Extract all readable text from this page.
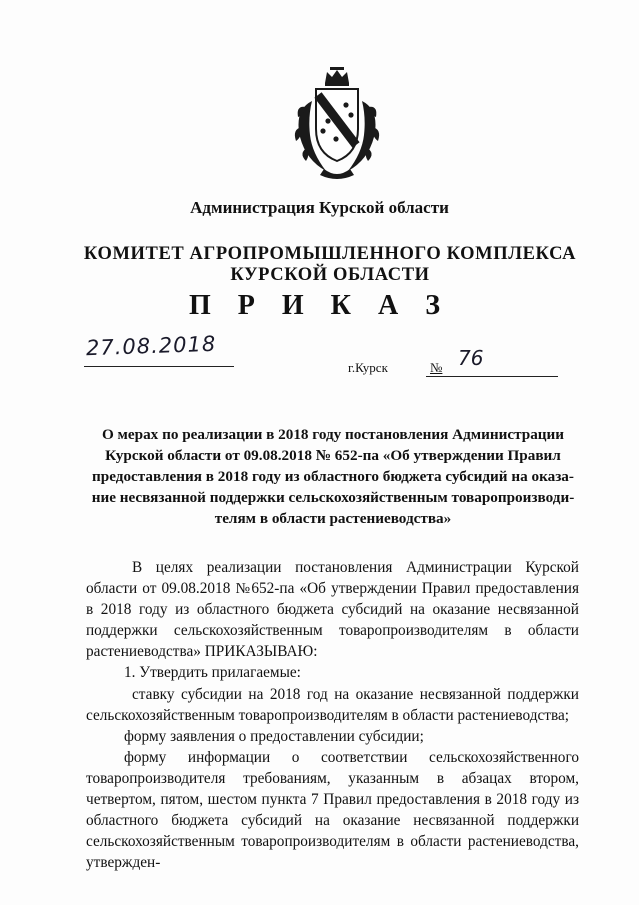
Администрация Курской области
КОМИТЕТ АГРОПРОМЫШЛЕННОГО КОМПЛЕКСА
КУРСКОЙ ОБЛАСТИ
П Р И К А З
27.08.2018
г.Курск	№ 76
О мерах по реализации в 2018 году постановления Администрации
Курской области от 09.08.2018 № 652-па «Об утверждении Правил
предоставления в 2018 году из областного бюджета субсидий на оказа-
ние несвязанной поддержки сельскохозяйственным товаропроизводи-
телям в области растениеводства»

В целях реализации постановления Администрации Курской области от 09.08.2018 №652-па «Об утверждении Правил предоставления в 2018 году из областного бюджета субсидий на оказание несвязанной поддержки сельскохозяйственным товаропроизводителям в области растениеводства» ПРИКАЗЫВАЮ:

1. Утвердить прилагаемые:

ставку субсидии на 2018 год на оказание несвязанной поддержки сельскохозяйственным товаропроизводителям в области растениеводства;

форму заявления о предоставлении субсидии;

форму информации о соответствии сельскохозяйственного товаропроизводителя требованиям, указанным в абзацах втором, четвертом, пятом, шестом пункта 7 Правил предоставления в 2018 году из областного бюджета субсидий на оказание несвязанной поддержки сельскохозяйственным товаропроизводителям в области растениеводства, утвержден-
